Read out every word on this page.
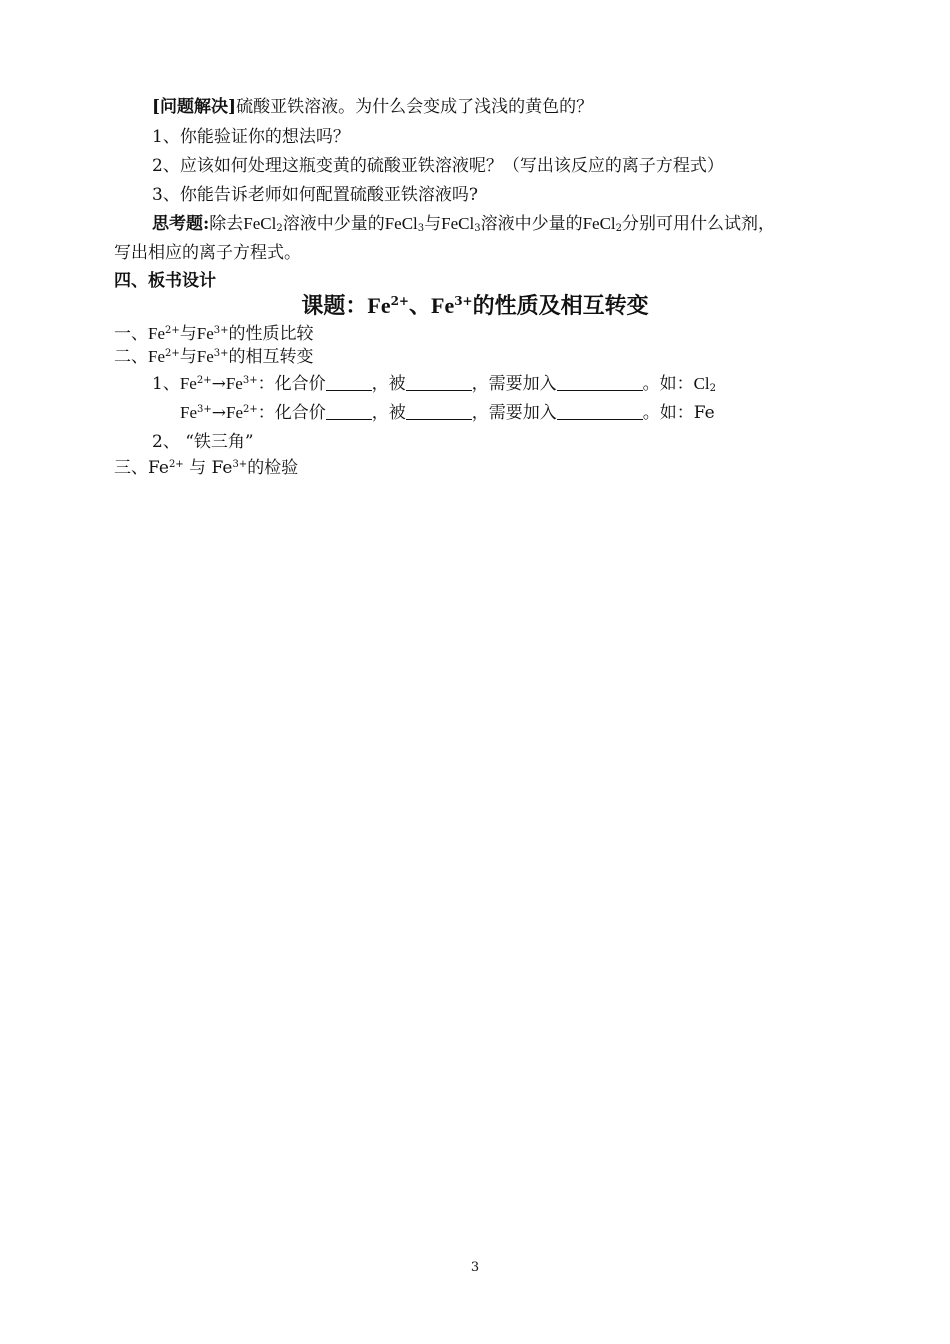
[问题解决]硫酸亚铁溶液。为什么会变成了浅浅的黄色的？
1、你能验证你的想法吗？
2、应该如何处理这瓶变黄的硫酸亚铁溶液呢？（写出该反应的离子方程式）
3、你能告诉老师如何配置硫酸亚铁溶液吗?
思考题:除去FeCl$_2$溶液中少量的FeCl$_3$与FeCl$_3$溶液中少量的FeCl$_2$分别可用什么试剂，
写出相应的离子方程式。
四、板书设计
课题：$Fe^{2+}$、$Fe^{3+}$的性质及相互转变
一、$Fe^{2+}$与$Fe^{3+}$的性质比较
二、$Fe^{2+}$与$Fe^{3+}$的相互转变
1、$Fe^{2+}\to Fe^{3+}$：化合价	，被	，需要加入	。如：$Cl_2$
$Fe^{3+}\to Fe^{2+}$：化合价	，被	，需要加入	。如：Fe
2、 “铁三角”
三、$Fe^{2+}$ 与 $Fe^{3+}$的检验
3
